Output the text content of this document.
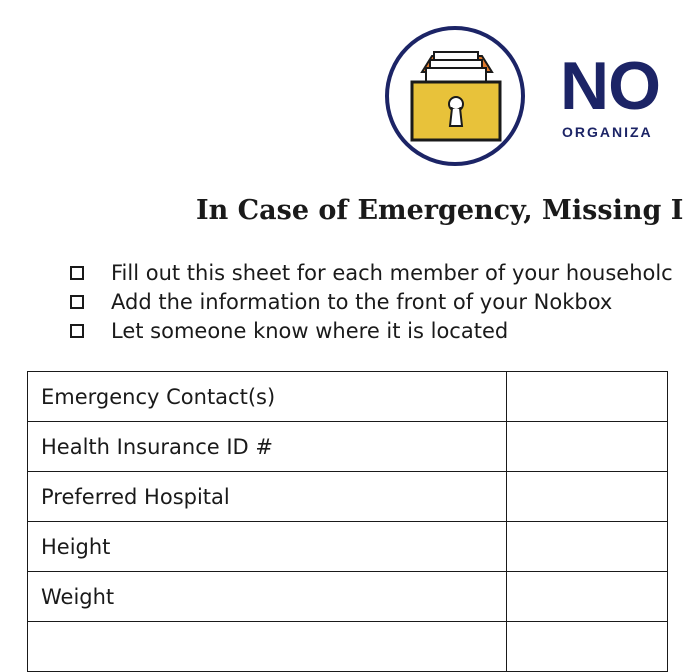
NO
ORGANIZA
In Case of Emergency, Missing I
Fill out this sheet for each member of your householc
Add the information to the front of your Nokbox
Let someone know where it is located
Emergency Contact(s)	
Health Insurance ID #	
Preferred Hospital	
Height	
Weight	
